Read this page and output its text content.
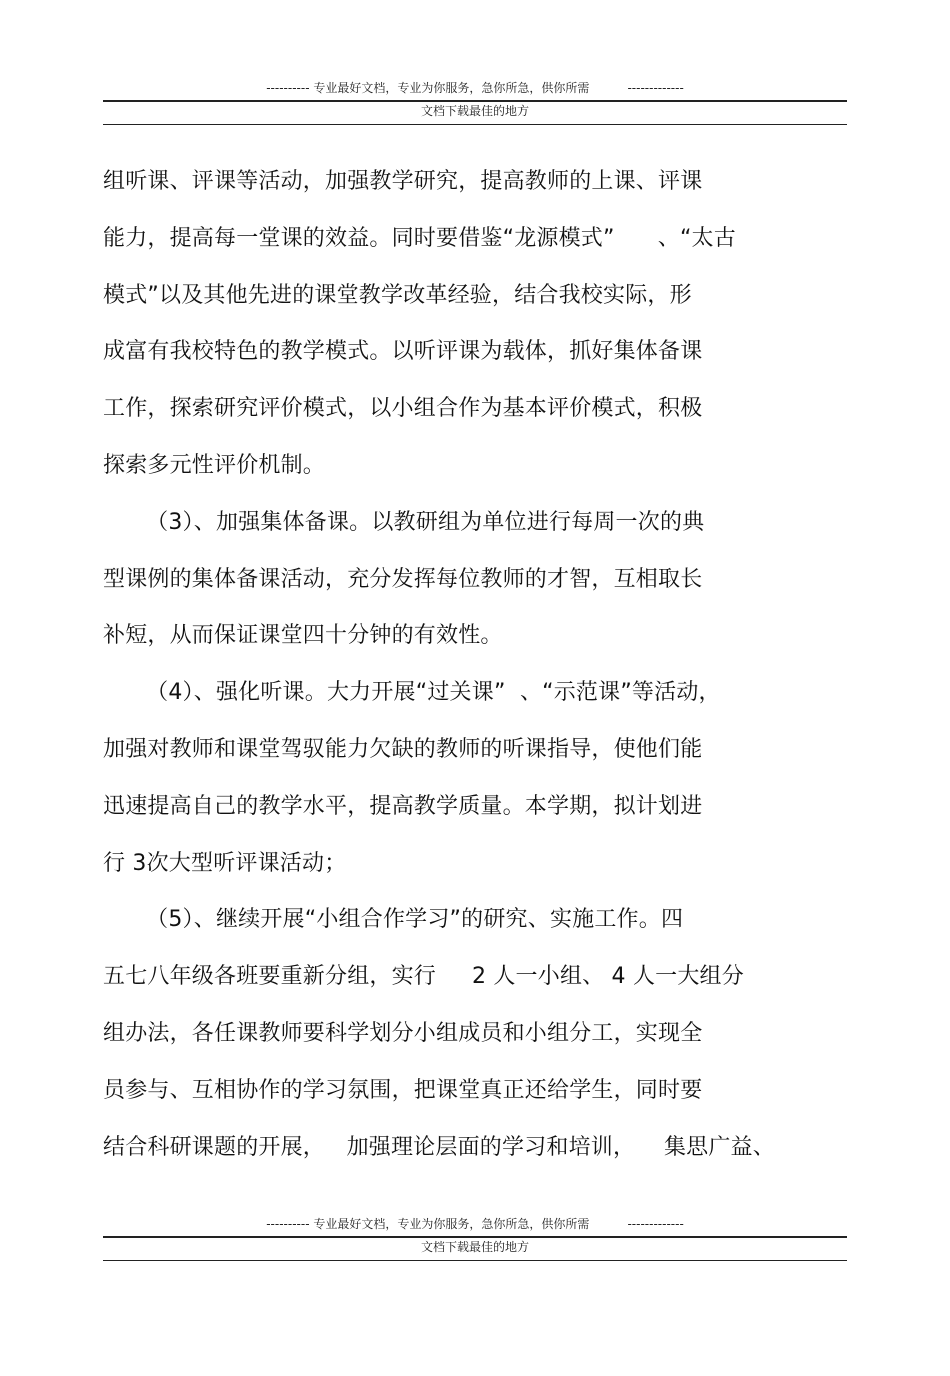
---------- 专业最好文档，专业为你服务，急你所急，供你所需          -------------
文档下载最佳的地方
组听课、评课等活动，加强教学研究，提高教师的上课、评课
能力，提高每一堂课的效益。同时要借鉴“龙源模式”      、“太古
模式”以及其他先进的课堂教学改革经验，结合我校实际，形
成富有我校特色的教学模式。以听评课为载体，抓好集体备课
工作，探索研究评价模式，以小组合作为基本评价模式，积极
探索多元性评价机制。
（3）、加强集体备课。以教研组为单位进行每周一次的典
型课例的集体备课活动，充分发挥每位教师的才智，互相取长
补短，从而保证课堂四十分钟的有效性。
（4）、强化听课。大力开展“过关课”  、“示范课”等活动，
加强对教师和课堂驾驭能力欠缺的教师的听课指导，使他们能
迅速提高自己的教学水平，提高教学质量。本学期，拟计划进
行 3次大型听评课活动；
（5）、继续开展“小组合作学习”的研究、实施工作。四
五七八年级各班要重新分组，实行     2 人一小组、 4 人一大组分
组办法，各任课教师要科学划分小组成员和小组分工，实现全
员参与、互相协作的学习氛围，把课堂真正还给学生，同时要
结合科研课题的开展，   加强理论层面的学习和培训，    集思广益、
---------- 专业最好文档，专业为你服务，急你所急，供你所需          -------------
文档下载最佳的地方
